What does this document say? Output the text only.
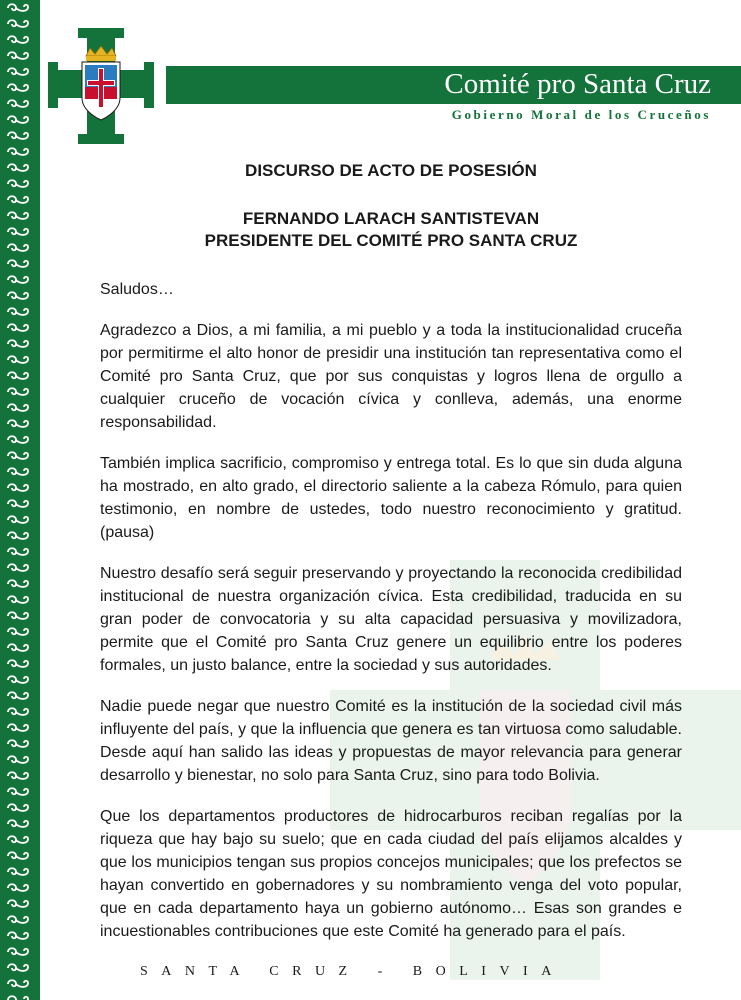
Comité pro Santa Cruz
Gobierno Moral de los Cruceños
DISCURSO DE ACTO DE POSESIÓN
FERNANDO LARACH SANTISTEVAN
PRESIDENTE DEL COMITÉ PRO SANTA CRUZ

Saludos…

Agradezco a Dios, a mi familia, a mi pueblo y a toda la institucionalidad cruceña por permitirme el alto honor de presidir una institución tan representativa como el Comité pro Santa Cruz, que por sus conquistas y logros llena de orgullo a cualquier cruceño de vocación cívica y conlleva, además, una enorme responsabilidad.

También implica sacrificio, compromiso y entrega total. Es lo que sin duda alguna ha mostrado, en alto grado, el directorio saliente a la cabeza Rómulo, para quien testimonio, en nombre de ustedes, todo nuestro reconocimiento y gratitud. (pausa)

Nuestro desafío será seguir preservando y proyectando la reconocida credibilidad institucional de nuestra organización cívica. Esta credibilidad, traducida en su gran poder de convocatoria y su alta capacidad persuasiva y movilizadora, permite que el Comité pro Santa Cruz genere un equilibrio entre los poderes formales, un justo balance, entre la sociedad y sus autoridades.

Nadie puede negar que nuestro Comité es la institución de la sociedad civil más influyente del país, y que la influencia que genera es tan virtuosa como saludable. Desde aquí han salido las ideas y propuestas de mayor relevancia para generar desarrollo y bienestar, no solo para Santa Cruz, sino para todo Bolivia.

Que los departamentos productores de hidrocarburos reciban regalías por la riqueza que hay bajo su suelo; que en cada ciudad del país elijamos alcaldes y que los municipios tengan sus propios concejos municipales; que los prefectos se hayan convertido en gobernadores y su nombramiento venga del voto popular, que en cada departamento haya un gobierno autónomo… Esas son grandes e incuestionables contribuciones que este Comité ha generado para el país.

SANTA CRUZ - BOLIVIA
